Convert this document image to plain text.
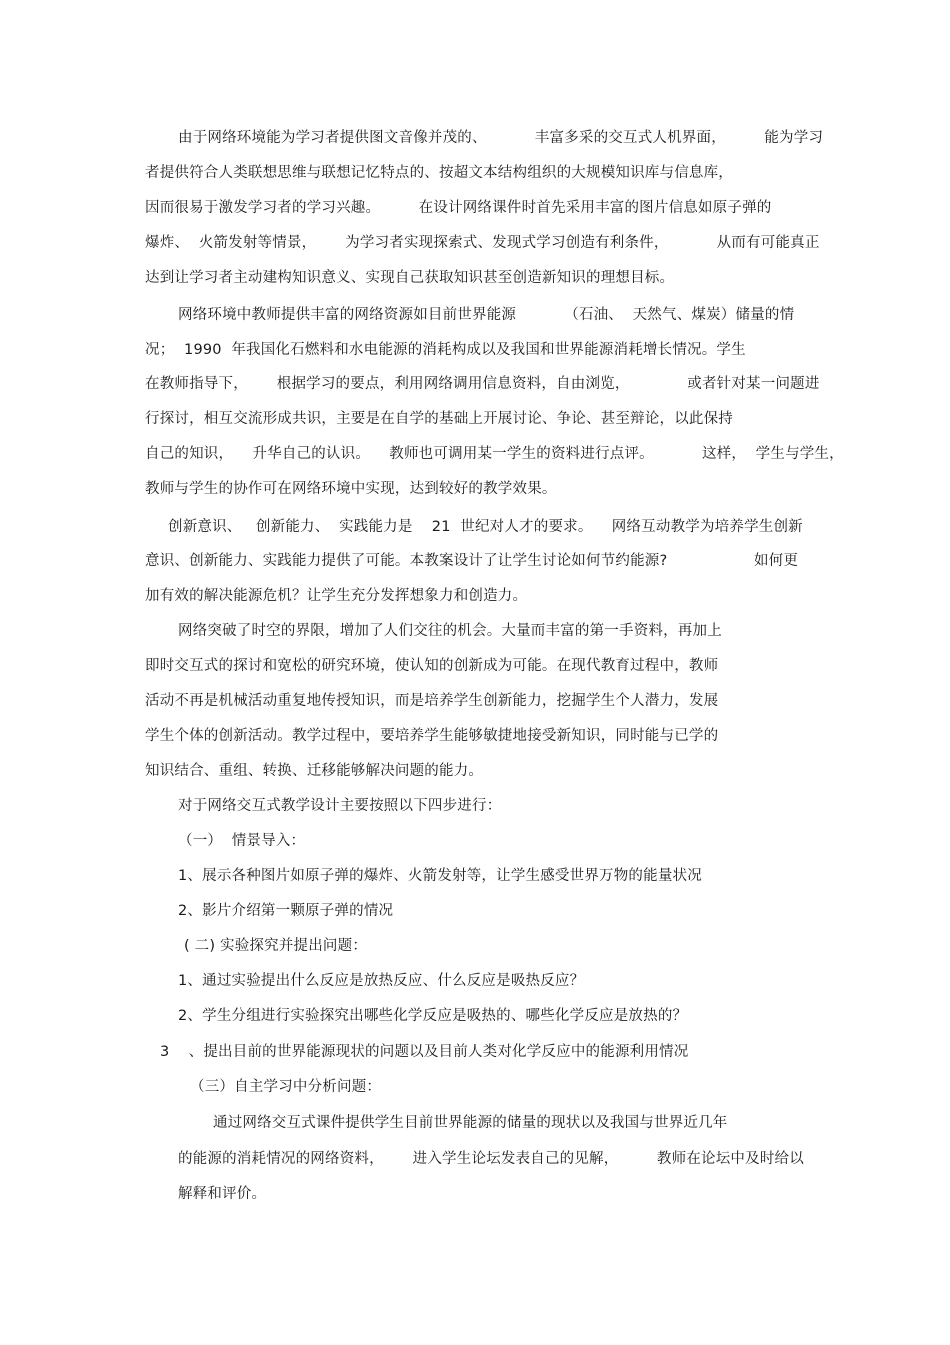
由于网络环境能为学习者提供图文音像并茂的、          丰富多采的交互式人机界面，        能为学习
者提供符合人类联想思维与联想记忆特点的、按超文本结构组织的大规模知识库与信息库，
因而很易于激发学习者的学习兴趣。        在设计网络课件时首先采用丰富的图片信息如原子弹的
爆炸、  火箭发射等情景，      为学习者实现探索式、发现式学习创造有利条件，          从而有可能真正
达到让学习者主动建构知识意义、实现自己获取知识甚至创造新知识的理想目标。
网络环境中教师提供丰富的网络资源如目前世界能源          （石油、  天然气、煤炭）储量的情
况；  1990  年我国化石燃料和水电能源的消耗构成以及我国和世界能源消耗增长情况。学生
在教师指导下，      根据学习的要点，利用网络调用信息资料，自由浏览，            或者针对某一问题进
行探讨，相互交流形成共识，主要是在自学的基础上开展讨论、争论、甚至辩论，以此保持
自己的知识，    升华自己的认识。    教师也可调用某一学生的资料进行点评。          这样，  学生与学生，
教师与学生的协作可在网络环境中实现，达到较好的教学效果。
创新意识、   创新能力、  实践能力是    21  世纪对人才的要求。    网络互动教学为培养学生创新
意识、创新能力、实践能力提供了可能。本教案设计了让学生讨论如何节约能源?                  如何更
加有效的解决能源危机？让学生充分发挥想象力和创造力。
网络突破了时空的界限，增加了人们交往的机会。大量而丰富的第一手资料，再加上
即时交互式的探讨和宽松的研究环境，使认知的创新成为可能。在现代教育过程中，教师
活动不再是机械活动重复地传授知识，而是培养学生创新能力，挖掘学生个人潜力，发展
学生个体的创新活动。教学过程中，要培养学生能够敏捷地接受新知识，同时能与已学的
知识结合、重组、转换、迁移能够解决问题的能力。
对于网络交互式教学设计主要按照以下四步进行：
（一）  情景导入：
1、展示各种图片如原子弹的爆炸、火箭发射等，让学生感受世界万物的能量状况
2、影片介绍第一颗原子弹的情况
( 二) 实验探究并提出问题：
1、通过实验提出什么反应是放热反应、什么反应是吸热反应？
2、学生分组进行实验探究出哪些化学反应是吸热的、哪些化学反应是放热的？
3    、提出目前的世界能源现状的问题以及目前人类对化学反应中的能源利用情况
（三）自主学习中分析问题：
通过网络交互式课件提供学生目前世界能源的储量的现状以及我国与世界近几年
的能源的消耗情况的网络资料，      进入学生论坛发表自己的见解，        教师在论坛中及时给以
解释和评价。
